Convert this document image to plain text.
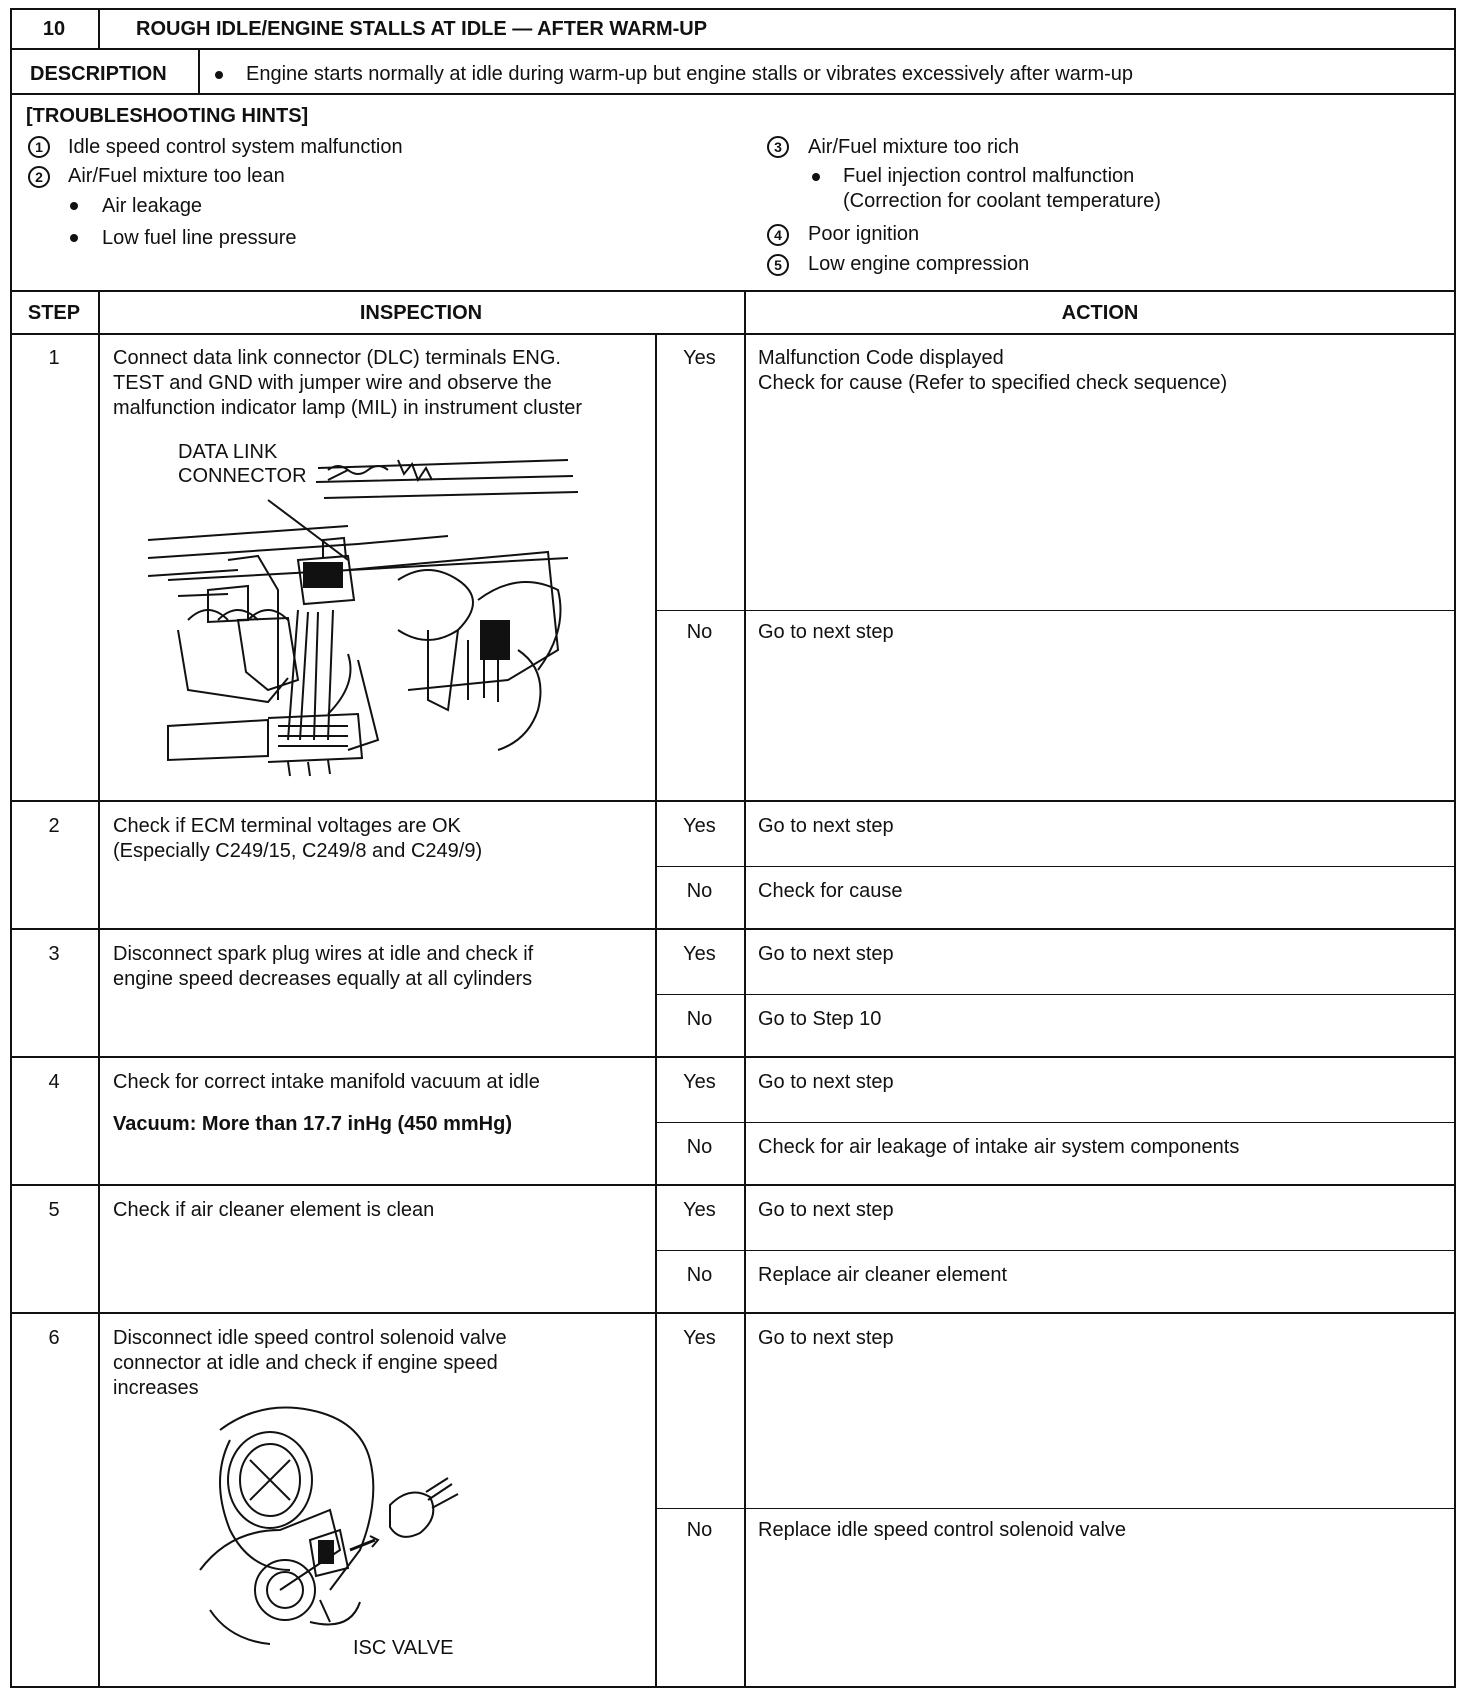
10	ROUGH IDLE/ENGINE STALLS AT IDLE — AFTER WARM-UP
DESCRIPTION	Engine starts normally at idle during warm-up but engine stalls or vibrates excessively after warm-up
[TROUBLESHOOTING HINTS]
1	Idle speed control system malfunction
2	Air/Fuel mixture too lean
Air leakage
Low fuel line pressure
3	Air/Fuel mixture too rich
Fuel injection control malfunction
(Correction for coolant temperature)
4	Poor ignition
5	Low engine compression
STEP	INSPECTION	ACTION
1	Connect data link connector (DLC) terminals ENG.
TEST and GND with jumper wire and observe the
malfunction indicator lamp (MIL) in instrument cluster
Yes	Malfunction Code displayed
Check for cause (Refer to specified check sequence)
No	Go to next step
DATA LINK
CONNECTOR
2	Check if ECM terminal voltages are OK
(Especially C249/15, C249/8 and C249/9)
Yes	Go to next step
No	Check for cause
3	Disconnect spark plug wires at idle and check if
engine speed decreases equally at all cylinders
Yes	Go to next step
No	Go to Step 10
4	Check for correct intake manifold vacuum at idle
Vacuum: More than 17.7 inHg (450 mmHg)
Yes	Go to next step
No	Check for air leakage of intake air system components
5	Check if air cleaner element is clean	Yes	Go to next step
No	Replace air cleaner element
6	Disconnect idle speed control solenoid valve
connector at idle and check if engine speed
increases
Yes	Go to next step
No	Replace idle speed control solenoid valve
ISC VALVE
